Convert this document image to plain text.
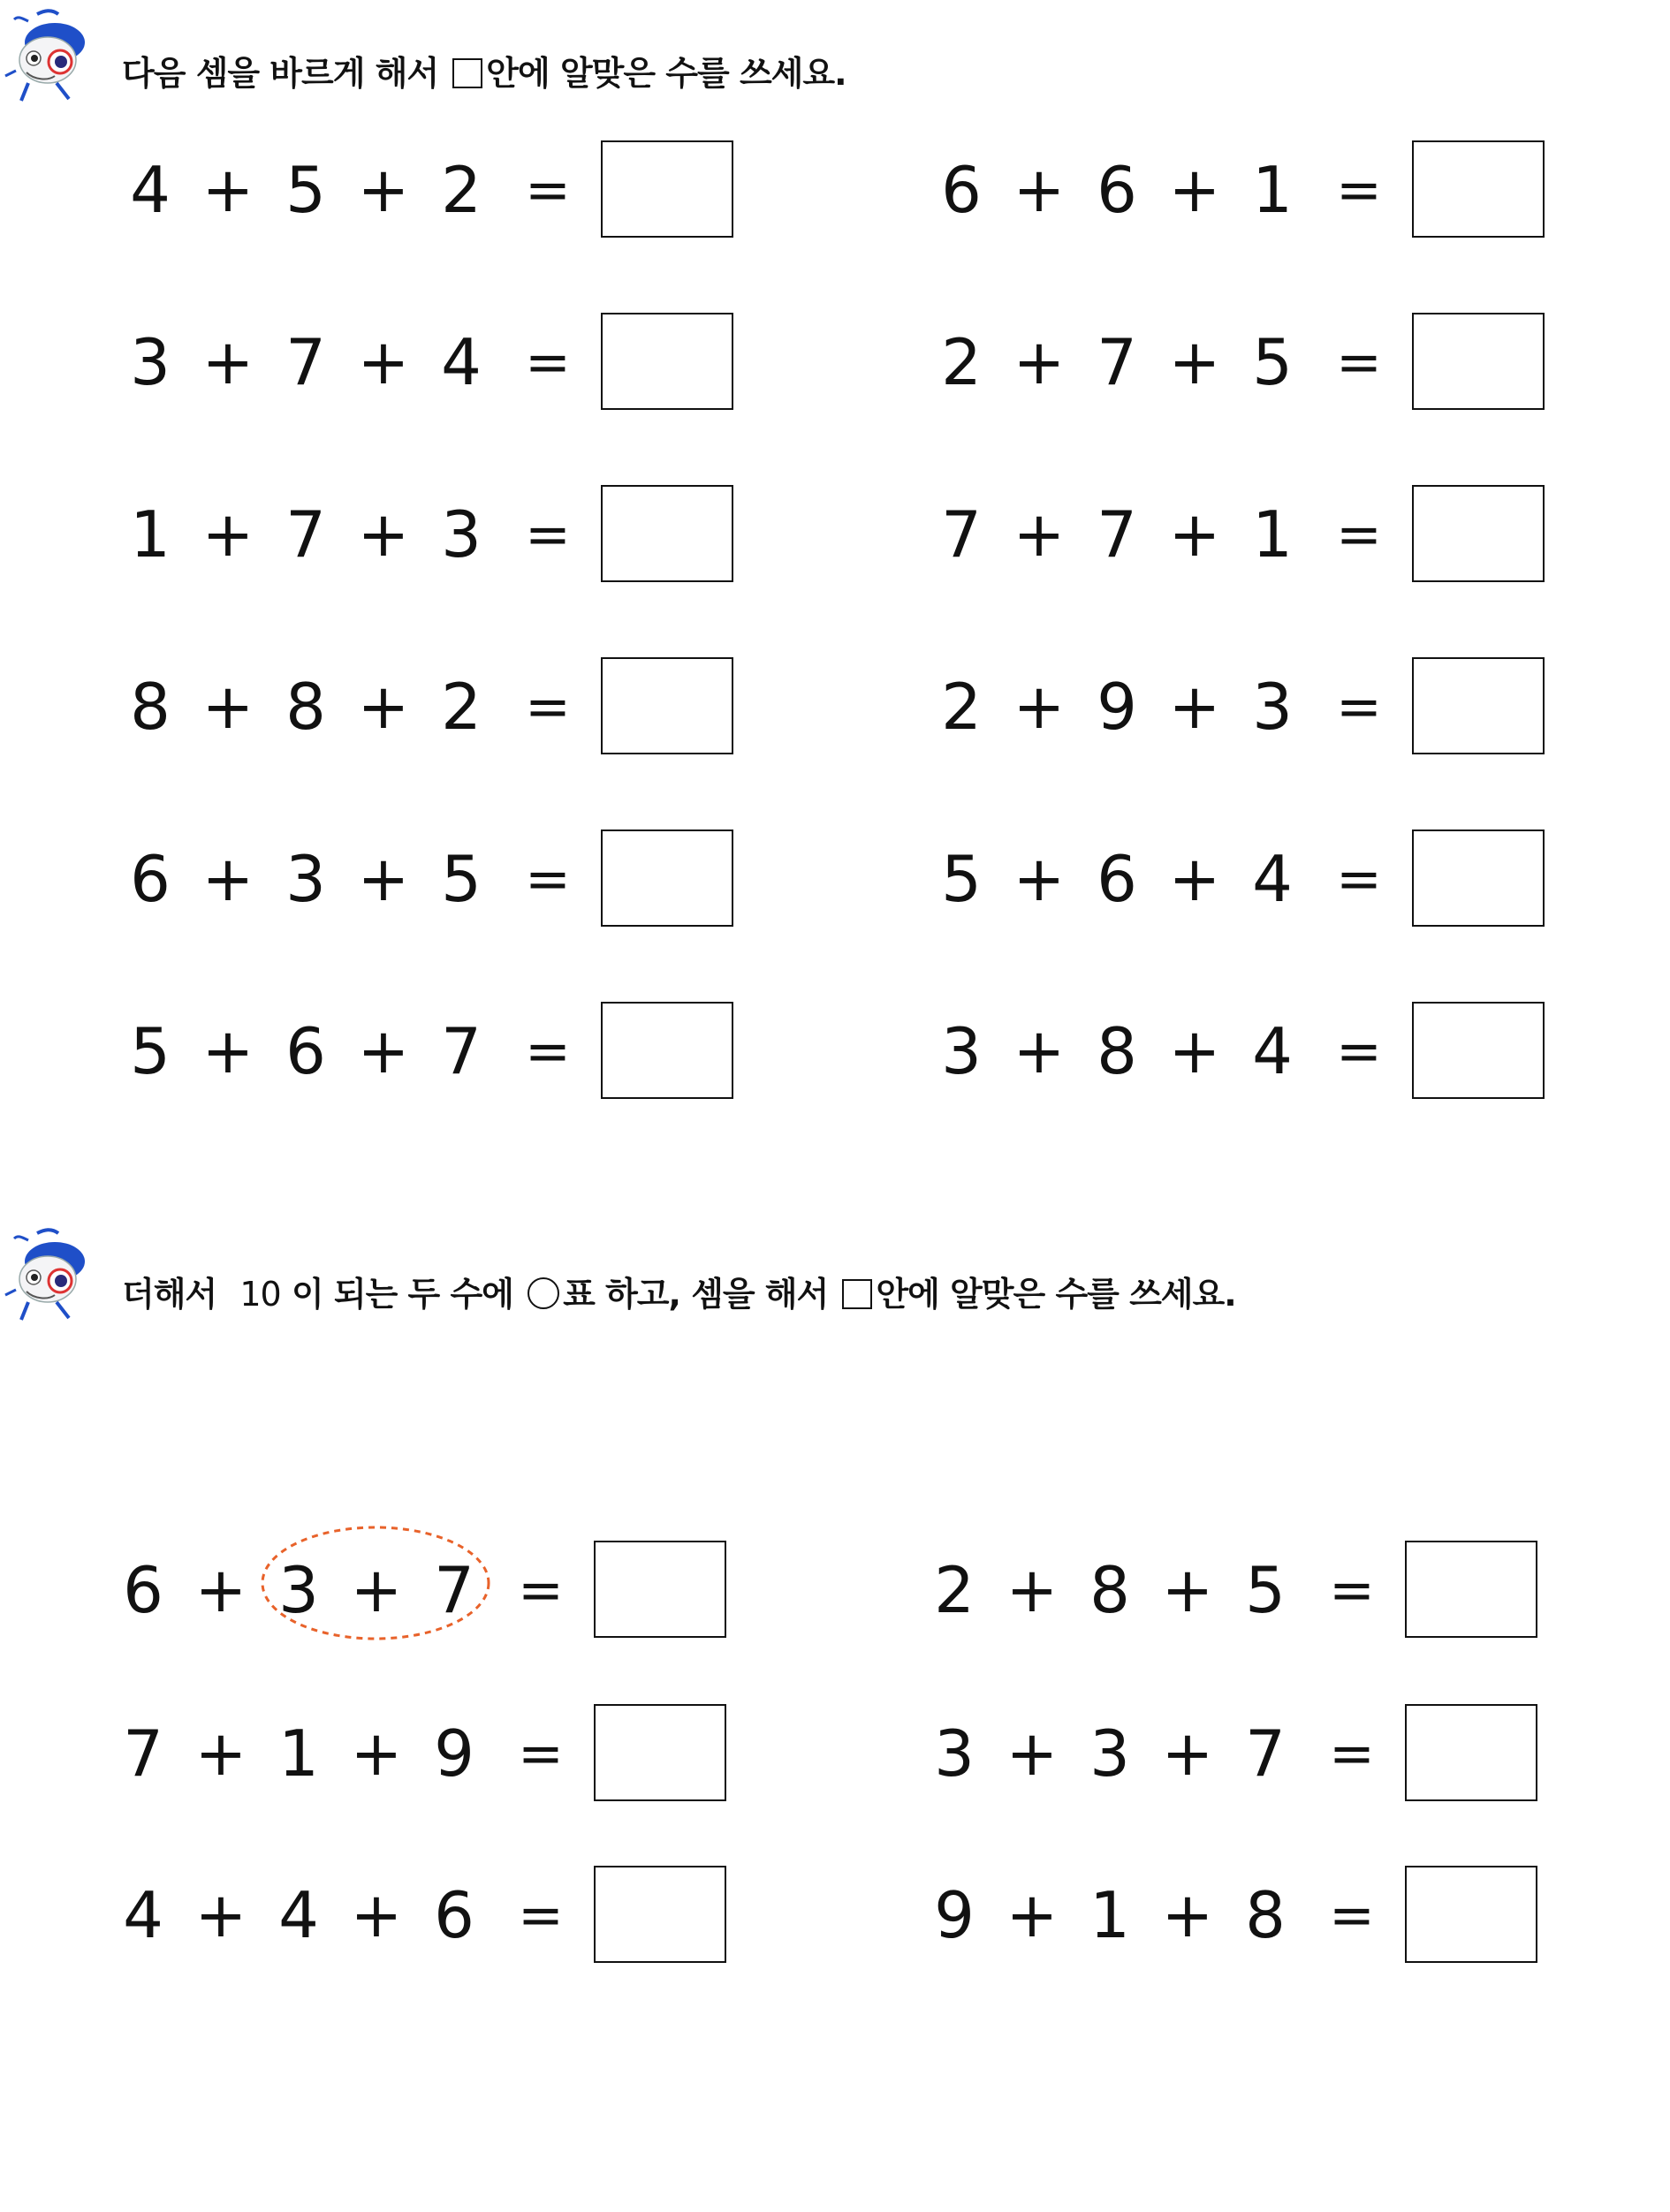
다음 셈을 바르게 해서 안에 알맞은 수를 쓰세요.
4 + 5 + 2 =	6 + 6 + 1 =
3 + 7 + 4 =	2 + 7 + 5 =
1 + 7 + 3 =	7 + 7 + 1 =
8 + 8 + 2 =	2 + 9 + 3 =
6 + 3 + 5 =	5 + 6 + 4 =
5 + 6 + 7 =	3 + 8 + 4 =
더해서 10 이 되는 두 수에 표 하고, 셈을 해서 안에 알맞은 수를 쓰세요.
6 + 3 + 7 =	2 + 8 + 5 =
7 + 1 + 9 =	3 + 3 + 7 =
4 + 4 + 6 =	9 + 1 + 8 =
